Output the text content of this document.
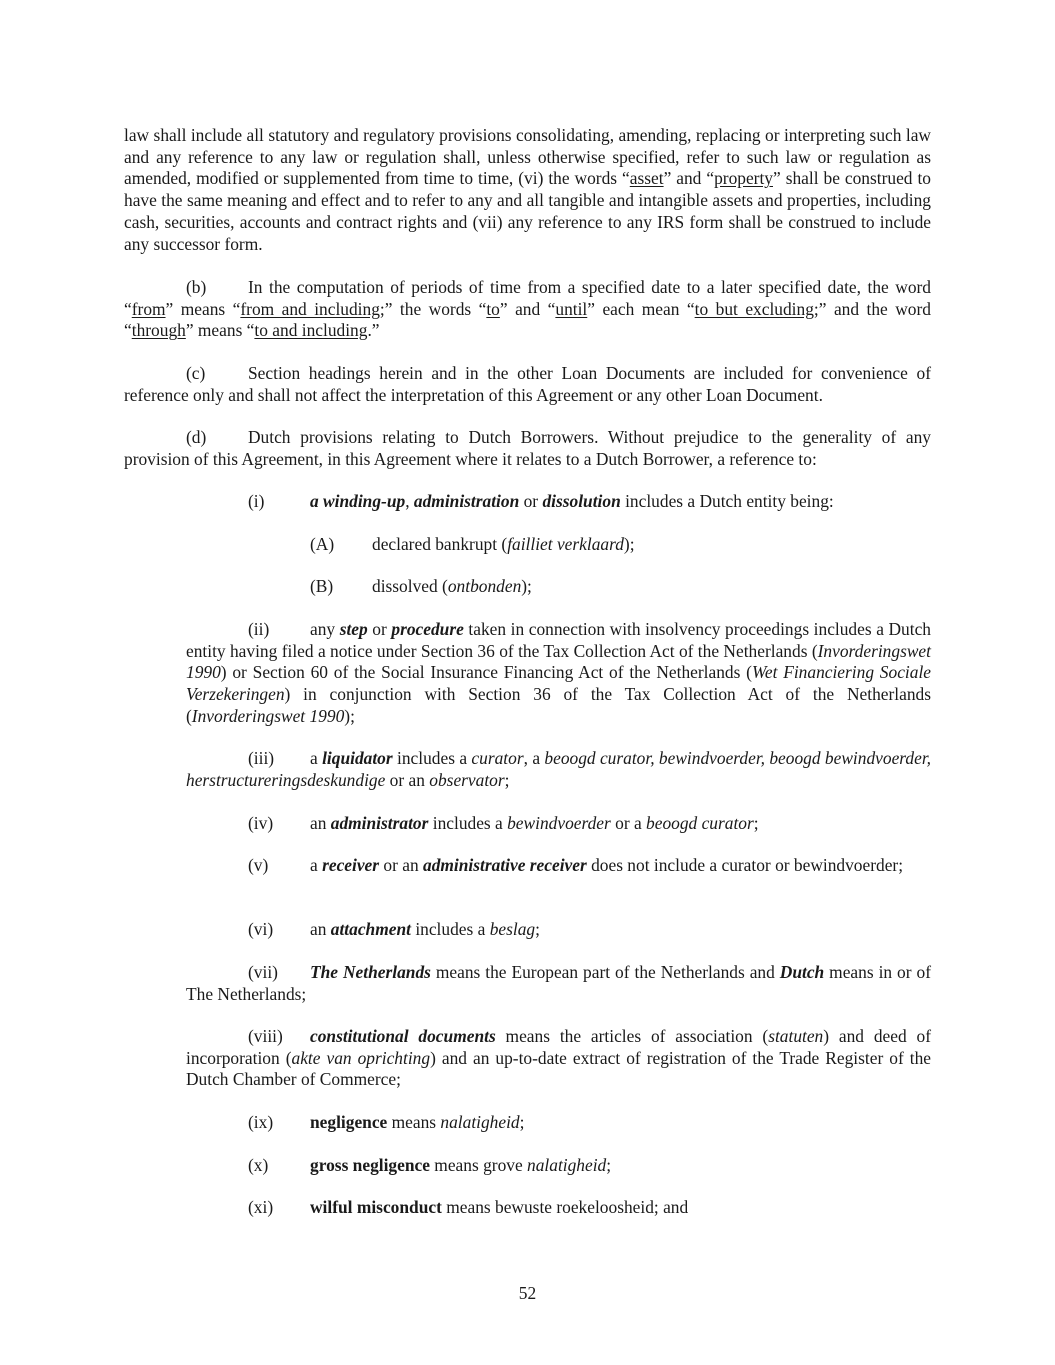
law shall include all statutory and regulatory provisions consolidating, amending, replacing or interpreting such law and any reference to any law or regulation shall, unless otherwise specified, refer to such law or regulation as amended, modified or supplemented from time to time, (vi) the words “asset” and “property” shall be construed to have the same meaning and effect and to refer to any and all tangible and intangible assets and properties, including cash, securities, accounts and contract rights and (vii) any reference to any IRS form shall be construed to include any successor form.

(b) In the computation of periods of time from a specified date to a later specified date, the word “from” means “from and including;” the words “to” and “until” each mean “to but excluding;” and the word “through” means “to and including.”

(c) Section headings herein and in the other Loan Documents are included for convenience of reference only and shall not affect the interpretation of this Agreement or any other Loan Document.

(d) Dutch provisions relating to Dutch Borrowers. Without prejudice to the generality of any provision of this Agreement, in this Agreement where it relates to a Dutch Borrower, a reference to:

(i)	a winding-up, administration or dissolution includes a Dutch entity being:

(A) declared bankrupt (failliet verklaard);

(B) dissolved (ontbonden);

(ii) any step or procedure taken in connection with insolvency proceedings includes a Dutch entity having filed a notice under Section 36 of the Tax Collection Act of the Netherlands (Invorderingswet 1990) or Section 60 of the Social Insurance Financing Act of the Netherlands (Wet Financiering Sociale Verzekeringen) in conjunction with Section 36 of the Tax Collection Act of the Netherlands (Invorderingswet 1990);

(iii) a liquidator includes a curator, a beoogd curator, bewindvoerder, beoogd bewindvoerder, herstructureringsdeskundige or an observator;

(iv) an administrator includes a bewindvoerder or a beoogd curator;

(v) a receiver or an administrative receiver does not include a curator or bewindvoerder;

(vi) an attachment includes a beslag;

(vii) The Netherlands means the European part of the Netherlands and Dutch means in or of The Netherlands;

(viii) constitutional documents means the articles of association (statuten) and deed of incorporation (akte van oprichting) and an up-to-date extract of registration of the Trade Register of the Dutch Chamber of Commerce;

(ix) negligence means nalatigheid;

(x) gross negligence means grove nalatigheid;

(xi) wilful misconduct means bewuste roekeloosheid; and

52
